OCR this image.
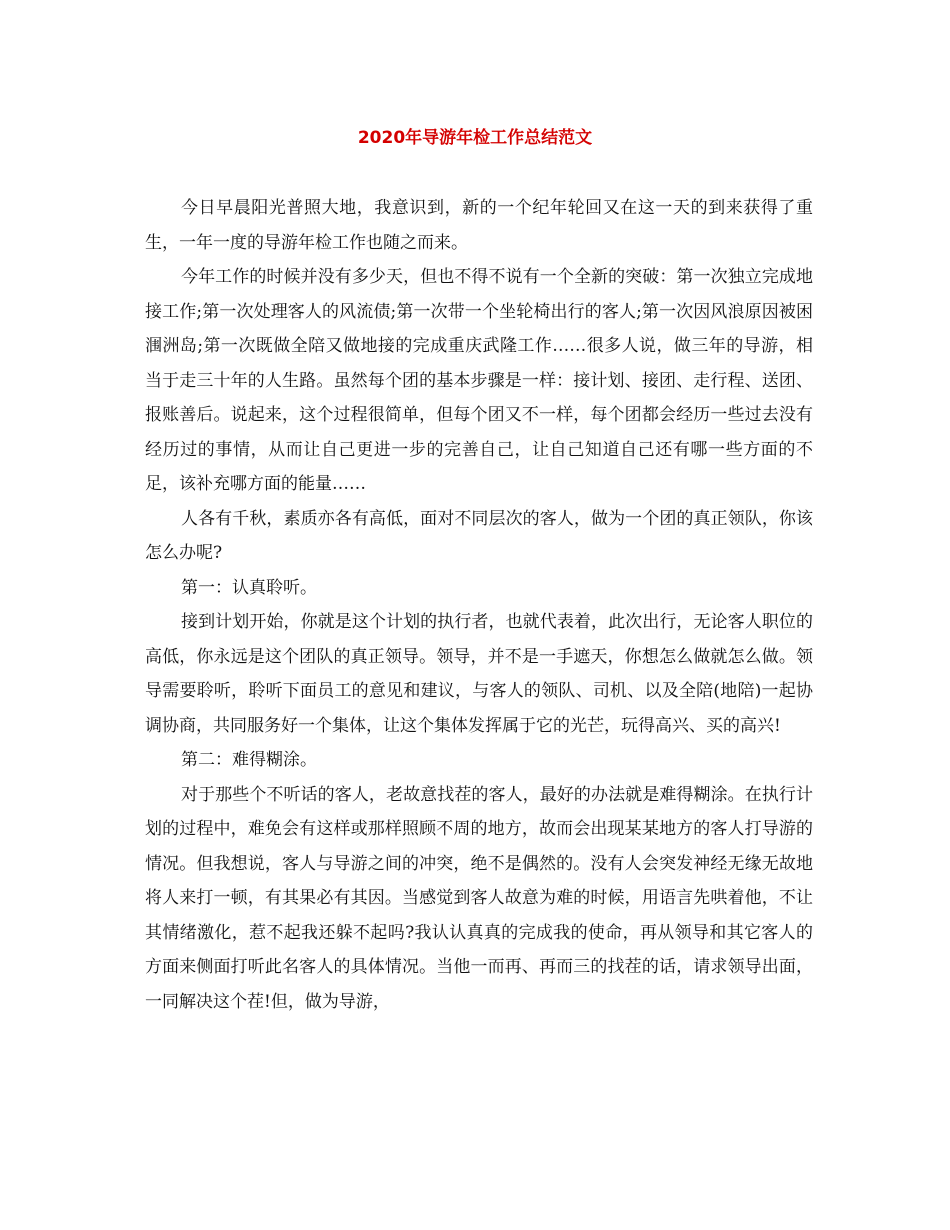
2020年导游年检工作总结范文

今日早晨阳光普照大地，我意识到，新的一个纪年轮回又在这一天的到来获得了重生，一年一度的导游年检工作也随之而来。

今年工作的时候并没有多少天，但也不得不说有一个全新的突破：第一次独立完成地接工作;第一次处理客人的风流债;第一次带一个坐轮椅出行的客人;第一次因风浪原因被困涠洲岛;第一次既做全陪又做地接的完成重庆武隆工作……很多人说，做三年的导游，相当于走三十年的人生路。虽然每个团的基本步骤是一样：接计划、接团、走行程、送团、报账善后。说起来，这个过程很简单，但每个团又不一样，每个团都会经历一些过去没有经历过的事情，从而让自己更进一步的完善自己，让自己知道自己还有哪一些方面的不足，该补充哪方面的能量……

人各有千秋，素质亦各有高低，面对不同层次的客人，做为一个团的真正领队，你该怎么办呢?

第一：认真聆听。

接到计划开始，你就是这个计划的执行者，也就代表着，此次出行，无论客人职位的高低，你永远是这个团队的真正领导。领导，并不是一手遮天，你想怎么做就怎么做。领导需要聆听，聆听下面员工的意见和建议，与客人的领队、司机、以及全陪(地陪)一起协调协商，共同服务好一个集体，让这个集体发挥属于它的光芒，玩得高兴、买的高兴!

第二：难得糊涂。

对于那些个不听话的客人，老故意找茬的客人，最好的办法就是难得糊涂。在执行计划的过程中，难免会有这样或那样照顾不周的地方，故而会出现某某地方的客人打导游的情况。但我想说，客人与导游之间的冲突，绝不是偶然的。没有人会突发神经无缘无故地将人来打一顿，有其果必有其因。当感觉到客人故意为难的时候，用语言先哄着他，不让其情绪激化，惹不起我还躲不起吗?我认认真真的完成我的使命，再从领导和其它客人的方面来侧面打听此名客人的具体情况。当他一而再、再而三的找茬的话，请求领导出面，一同解决这个茬!但，做为导游，
